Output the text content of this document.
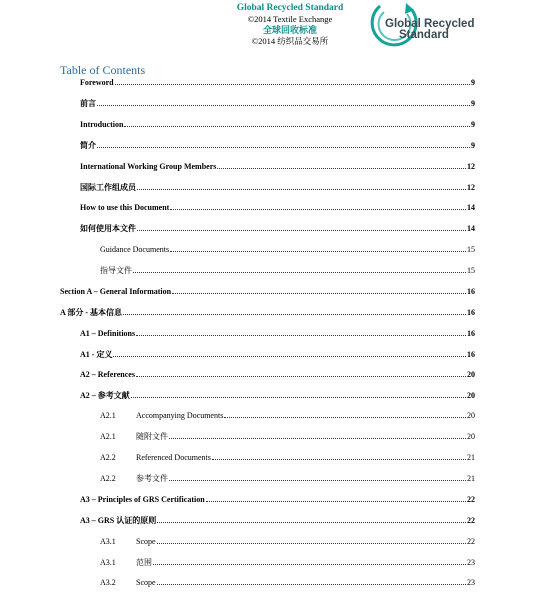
Global Recycled Standard
©2014 Textile Exchange
全球回收标准
©2014 纺织品交易所
Global Recycled
Standard
Table of Contents
Foreword	9
前言	9
Introduction	9
简介	9
International Working Group Members	12
国际工作组成员	12
How to use this Document	14
如何使用本文件	14
Guidance Documents	15
指导文件	15
Section A – General Information	16
A 部分 - 基本信息	16
A1 – Definitions	16
A1 - 定义	16
A2 – References	20
A2 – 参考文献	20
A2.1	Accompanying Documents	20
A2.1	随附文件	20
A2.2	Referenced Documents	21
A2.2	参考文件	21
A3 – Principles of GRS Certification	22
A3 – GRS 认证的原则	22
A3.1	Scope	22
A3.1	范围	23
A3.2	Scope	23
